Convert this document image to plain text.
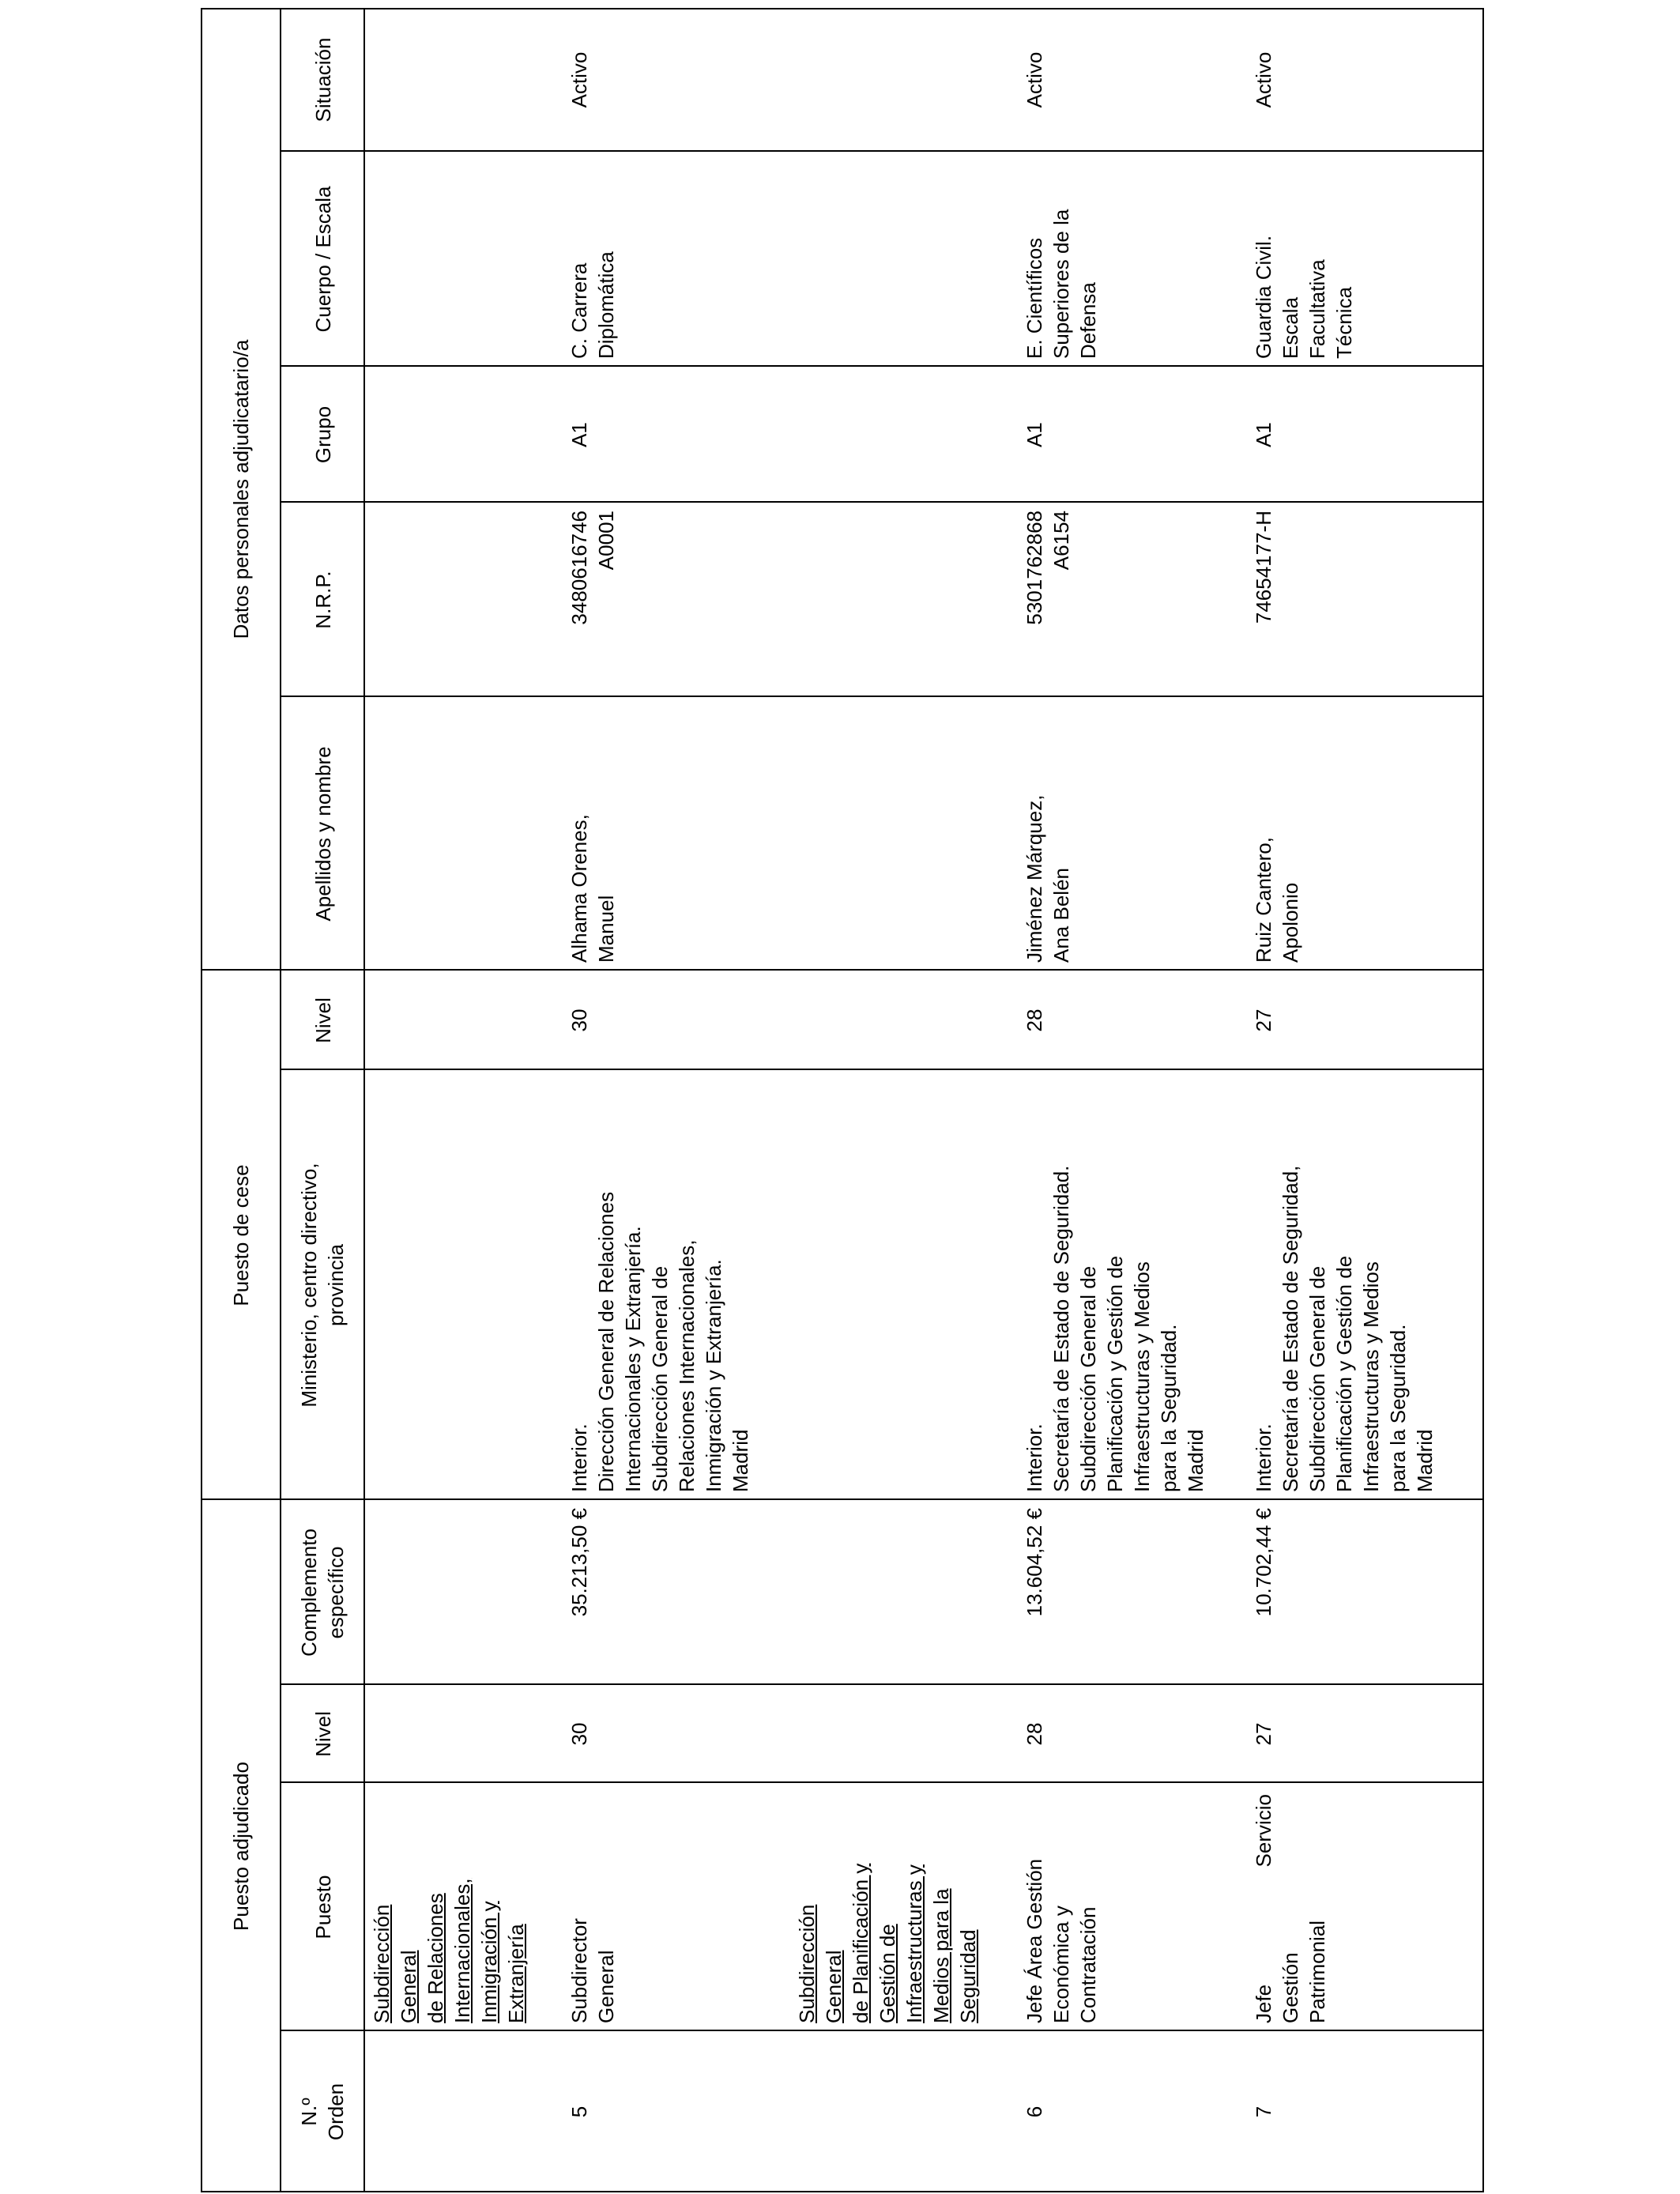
Puesto adjudicado
Puesto de cese
Datos personales adjudicatario/a
N.º
Orden
Puesto
Nivel
Complemento
específico
Ministerio, centro directivo,
provincia
Nivel
Apellidos y nombre
N.R.P.
Grupo
Cuerpo / Escala
Situación
Subdirección
General
de Relaciones
Internacionales,
Inmigración y
Extranjería
5
Subdirector
General
30
35.213,50 €
Interior.
Dirección General de Relaciones
Internacionales y Extranjería.
Subdirección General de
Relaciones Internacionales,
Inmigración y Extranjería.
Madrid
30
Alhama Orenes,
Manuel
3480616746
A0001
A1
C. Carrera
Diplomática
Activo
Subdirección
General
de Planificación y
Gestión de
Infraestructuras y
Medios para la
Seguridad
6
Jefe Área Gestión
Económica y
Contratación
28
13.604,52 €
Interior.
Secretaría de Estado de Seguridad.
Subdirección General de
Planificación y Gestión de
Infraestructuras y Medios
para la Seguridad.
Madrid
28
Jiménez Márquez,
Ana Belén
5301762868
A6154
A1
E. Científicos
Superiores de la
Defensa
Activo
7
Jefe Servicio Gestión
Patrimonial
27
10.702,44 €
Interior.
Secretaría de Estado de Seguridad,
Subdirección General de
Planificación y Gestión de
Infraestructuras y Medios
para la Seguridad.
Madrid
27
Ruiz Cantero,
Apolonio
74654177-H
A1
Guardia Civil.
Escala
Facultativa
Técnica
Activo
